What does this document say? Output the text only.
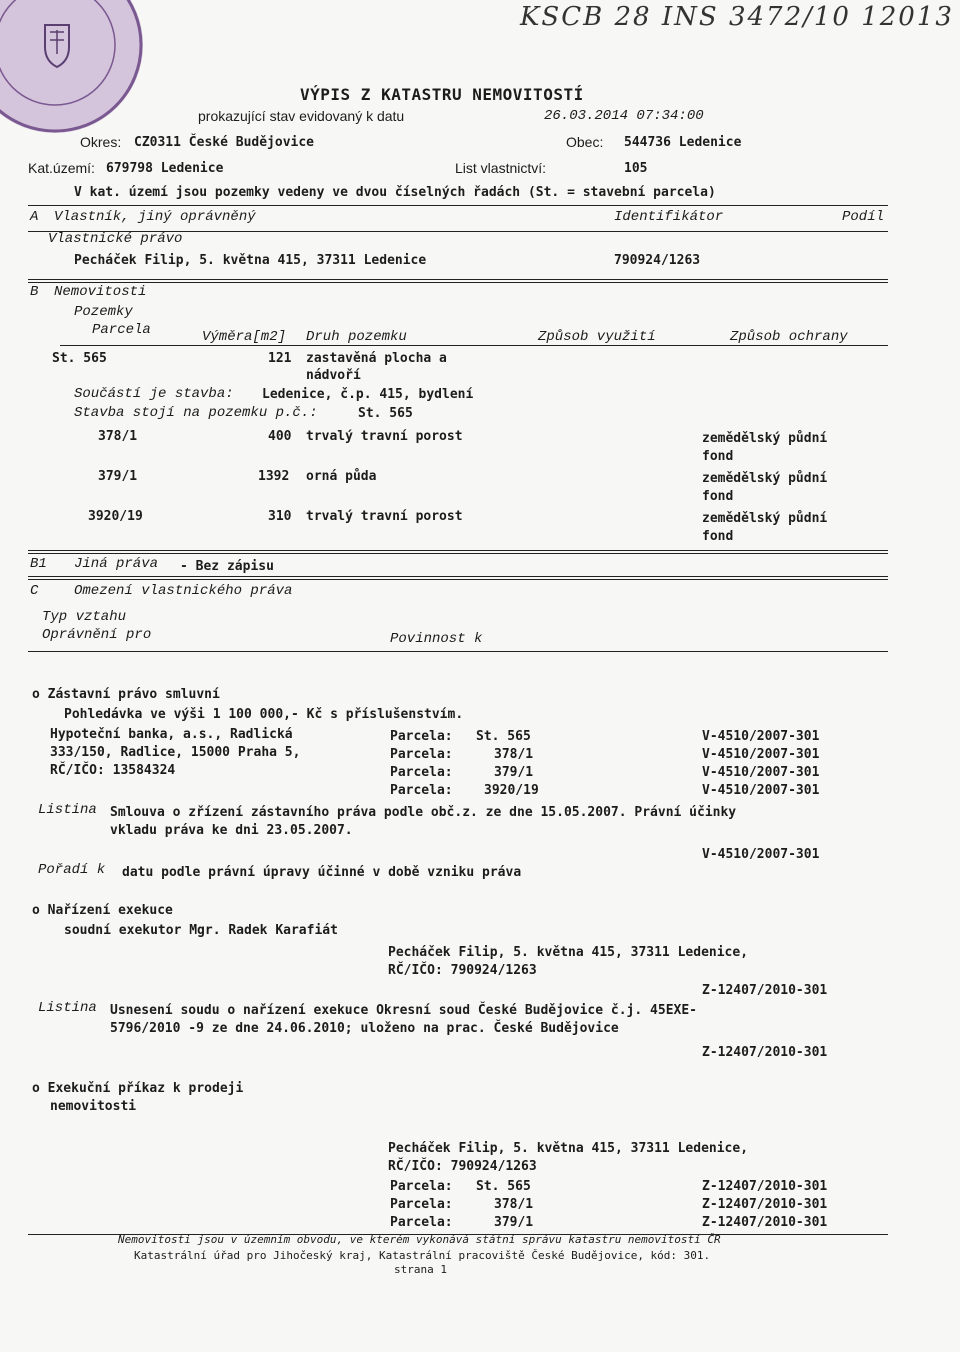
KSCB 28 INS 3472/10 12013
VÝPIS Z KATASTRU NEMOVITOSTÍ
prokazující stav evidovaný k datu	26.03.2014 07:34:00
Okres: CZ0311 České Budějovice	Obec: 544736 Ledenice
Kat.území: 679798 Ledenice	List vlastnictví:	105
V kat. území jsou pozemky vedeny ve dvou číselných řadách (St. = stavební parcela)
A Vlastník, jiný oprávněný	Identifikátor	Podíl
Vlastnické právo
Pecháček Filip, 5. května 415, 37311 Ledenice	790924/1263
B Nemovitosti
Pozemky
Parcela	Výměra[m2] Druh pozemku	Způsob využití	Způsob ochrany
St. 565	121 zastavěná plocha a
nádvoří
Součástí je stavba: Ledenice, č.p. 415, bydlení
Stavba stojí na pozemku p.č.:	St. 565
378/1	400 trvalý travní porost	zemědělský půdní
fond
379/1	1392 orná půda	zemědělský půdní
fond
3920/19	310 trvalý travní porost	zemědělský půdní
fond
B1 Jiná práva - Bez zápisu
C	Omezení vlastnického práva
Typ vztahu
Oprávnění pro	Povinnost k
o Zástavní právo smluvní
Pohledávka ve výši 1 100 000,- Kč s příslušenstvím.
Hypoteční banka, a.s., Radlická
333/150, Radlice, 15000 Praha 5,
RČ/IČO: 13584324
Parcela: St. 565	V-4510/2007-301
Parcela:	378/1	V-4510/2007-301
Parcela:	379/1	V-4510/2007-301
Parcela: 3920/19	V-4510/2007-301
Listina Smlouva o zřízení zástavního práva podle obč.z. ze dne 15.05.2007. Právní účinky
vkladu práva ke dni 23.05.2007.
V-4510/2007-301
Pořadí k datu podle právní úpravy účinné v době vzniku práva
o Nařízení exekuce
soudní exekutor Mgr. Radek Karafiát
Pecháček Filip, 5. května 415, 37311 Ledenice,
RČ/IČO: 790924/1263
Z-12407/2010-301
Listina Usnesení soudu o nařízení exekuce Okresní soud České Budějovice č.j. 45EXE-
5796/2010 -9 ze dne 24.06.2010; uloženo na prac. České Budějovice
Z-12407/2010-301
o Exekuční příkaz k prodeji
nemovitosti
Pecháček Filip, 5. května 415, 37311 Ledenice,
RČ/IČO: 790924/1263
Parcela: St. 565	Z-12407/2010-301
Parcela:	378/1	Z-12407/2010-301
Parcela:	379/1	Z-12407/2010-301
Nemovitosti jsou v územním obvodu, ve kterém vykonává státní správu katastru nemovitostí ČR
Katastrální úřad pro Jihočeský kraj, Katastrální pracoviště České Budějovice, kód: 301.
strana 1
